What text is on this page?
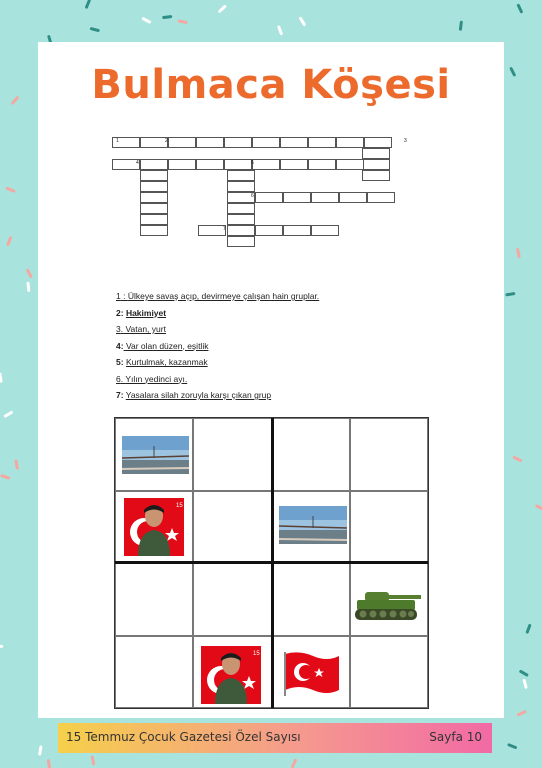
Bulmaca Köşesi
1	2	3
4	5
6
7
1 : Ülkeye savaş açıp, devirmeye çalışan hain gruplar.
2: Hakimiyet
3. Vatan, yurt
4: Var olan düzen, eşitlik
5: Kurtulmak, kazanmak
6. Yılın yedinci ayı.
7: Yasalara silah zoruyla karşı çıkan grup
15
15
15 Temmuz Çocuk Gazetesi Özel Sayısı	Sayfa 10
